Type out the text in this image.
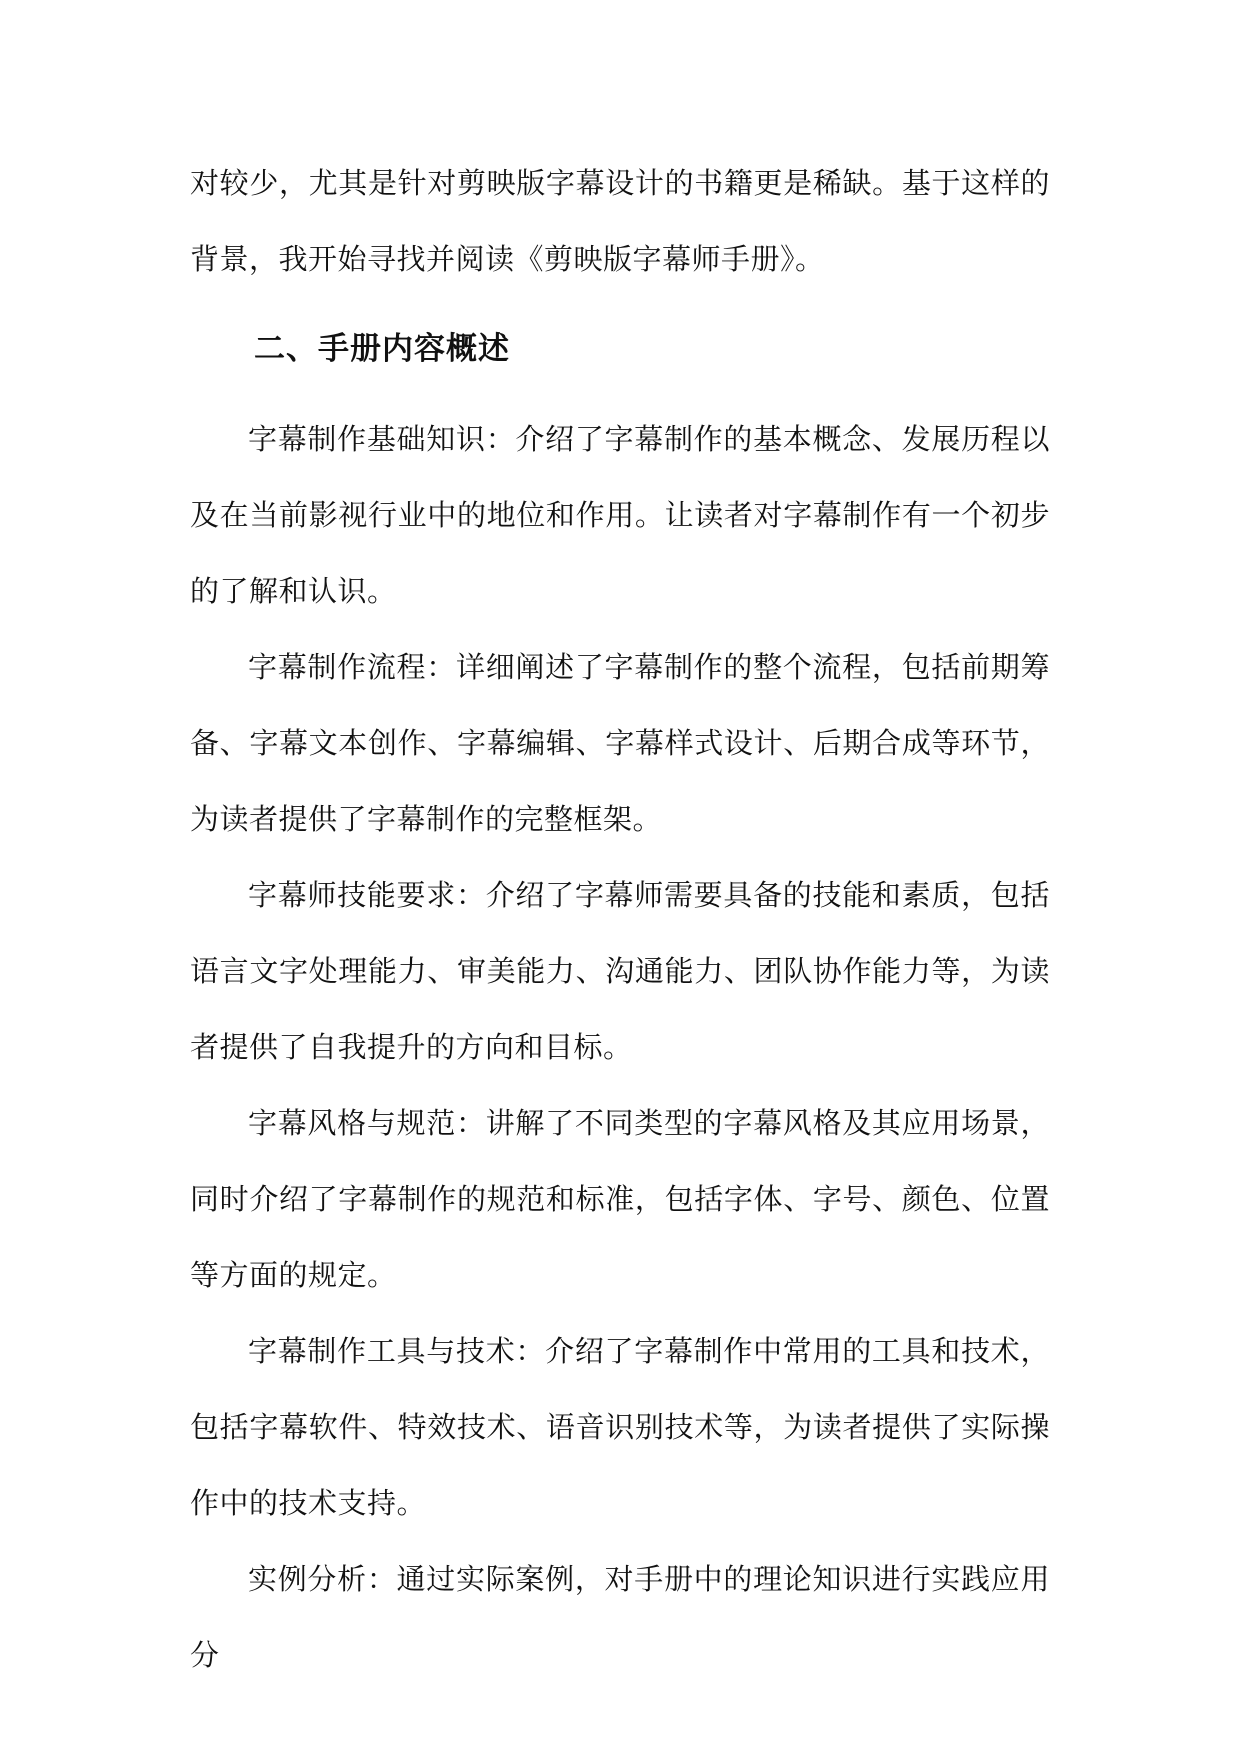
对较少，尤其是针对剪映版字幕设计的书籍更是稀缺。基于这样的背景，我开始寻找并阅读《剪映版字幕师手册》。

二、手册内容概述

字幕制作基础知识：介绍了字幕制作的基本概念、发展历程以及在当前影视行业中的地位和作用。让读者对字幕制作有一个初步的了解和认识。

字幕制作流程：详细阐述了字幕制作的整个流程，包括前期筹备、字幕文本创作、字幕编辑、字幕样式设计、后期合成等环节，为读者提供了字幕制作的完整框架。

字幕师技能要求：介绍了字幕师需要具备的技能和素质，包括语言文字处理能力、审美能力、沟通能力、团队协作能力等，为读者提供了自我提升的方向和目标。

字幕风格与规范：讲解了不同类型的字幕风格及其应用场景，同时介绍了字幕制作的规范和标准，包括字体、字号、颜色、位置等方面的规定。

字幕制作工具与技术：介绍了字幕制作中常用的工具和技术，包括字幕软件、特效技术、语音识别技术等，为读者提供了实际操作中的技术支持。

实例分析：通过实际案例，对手册中的理论知识进行实践应用分
